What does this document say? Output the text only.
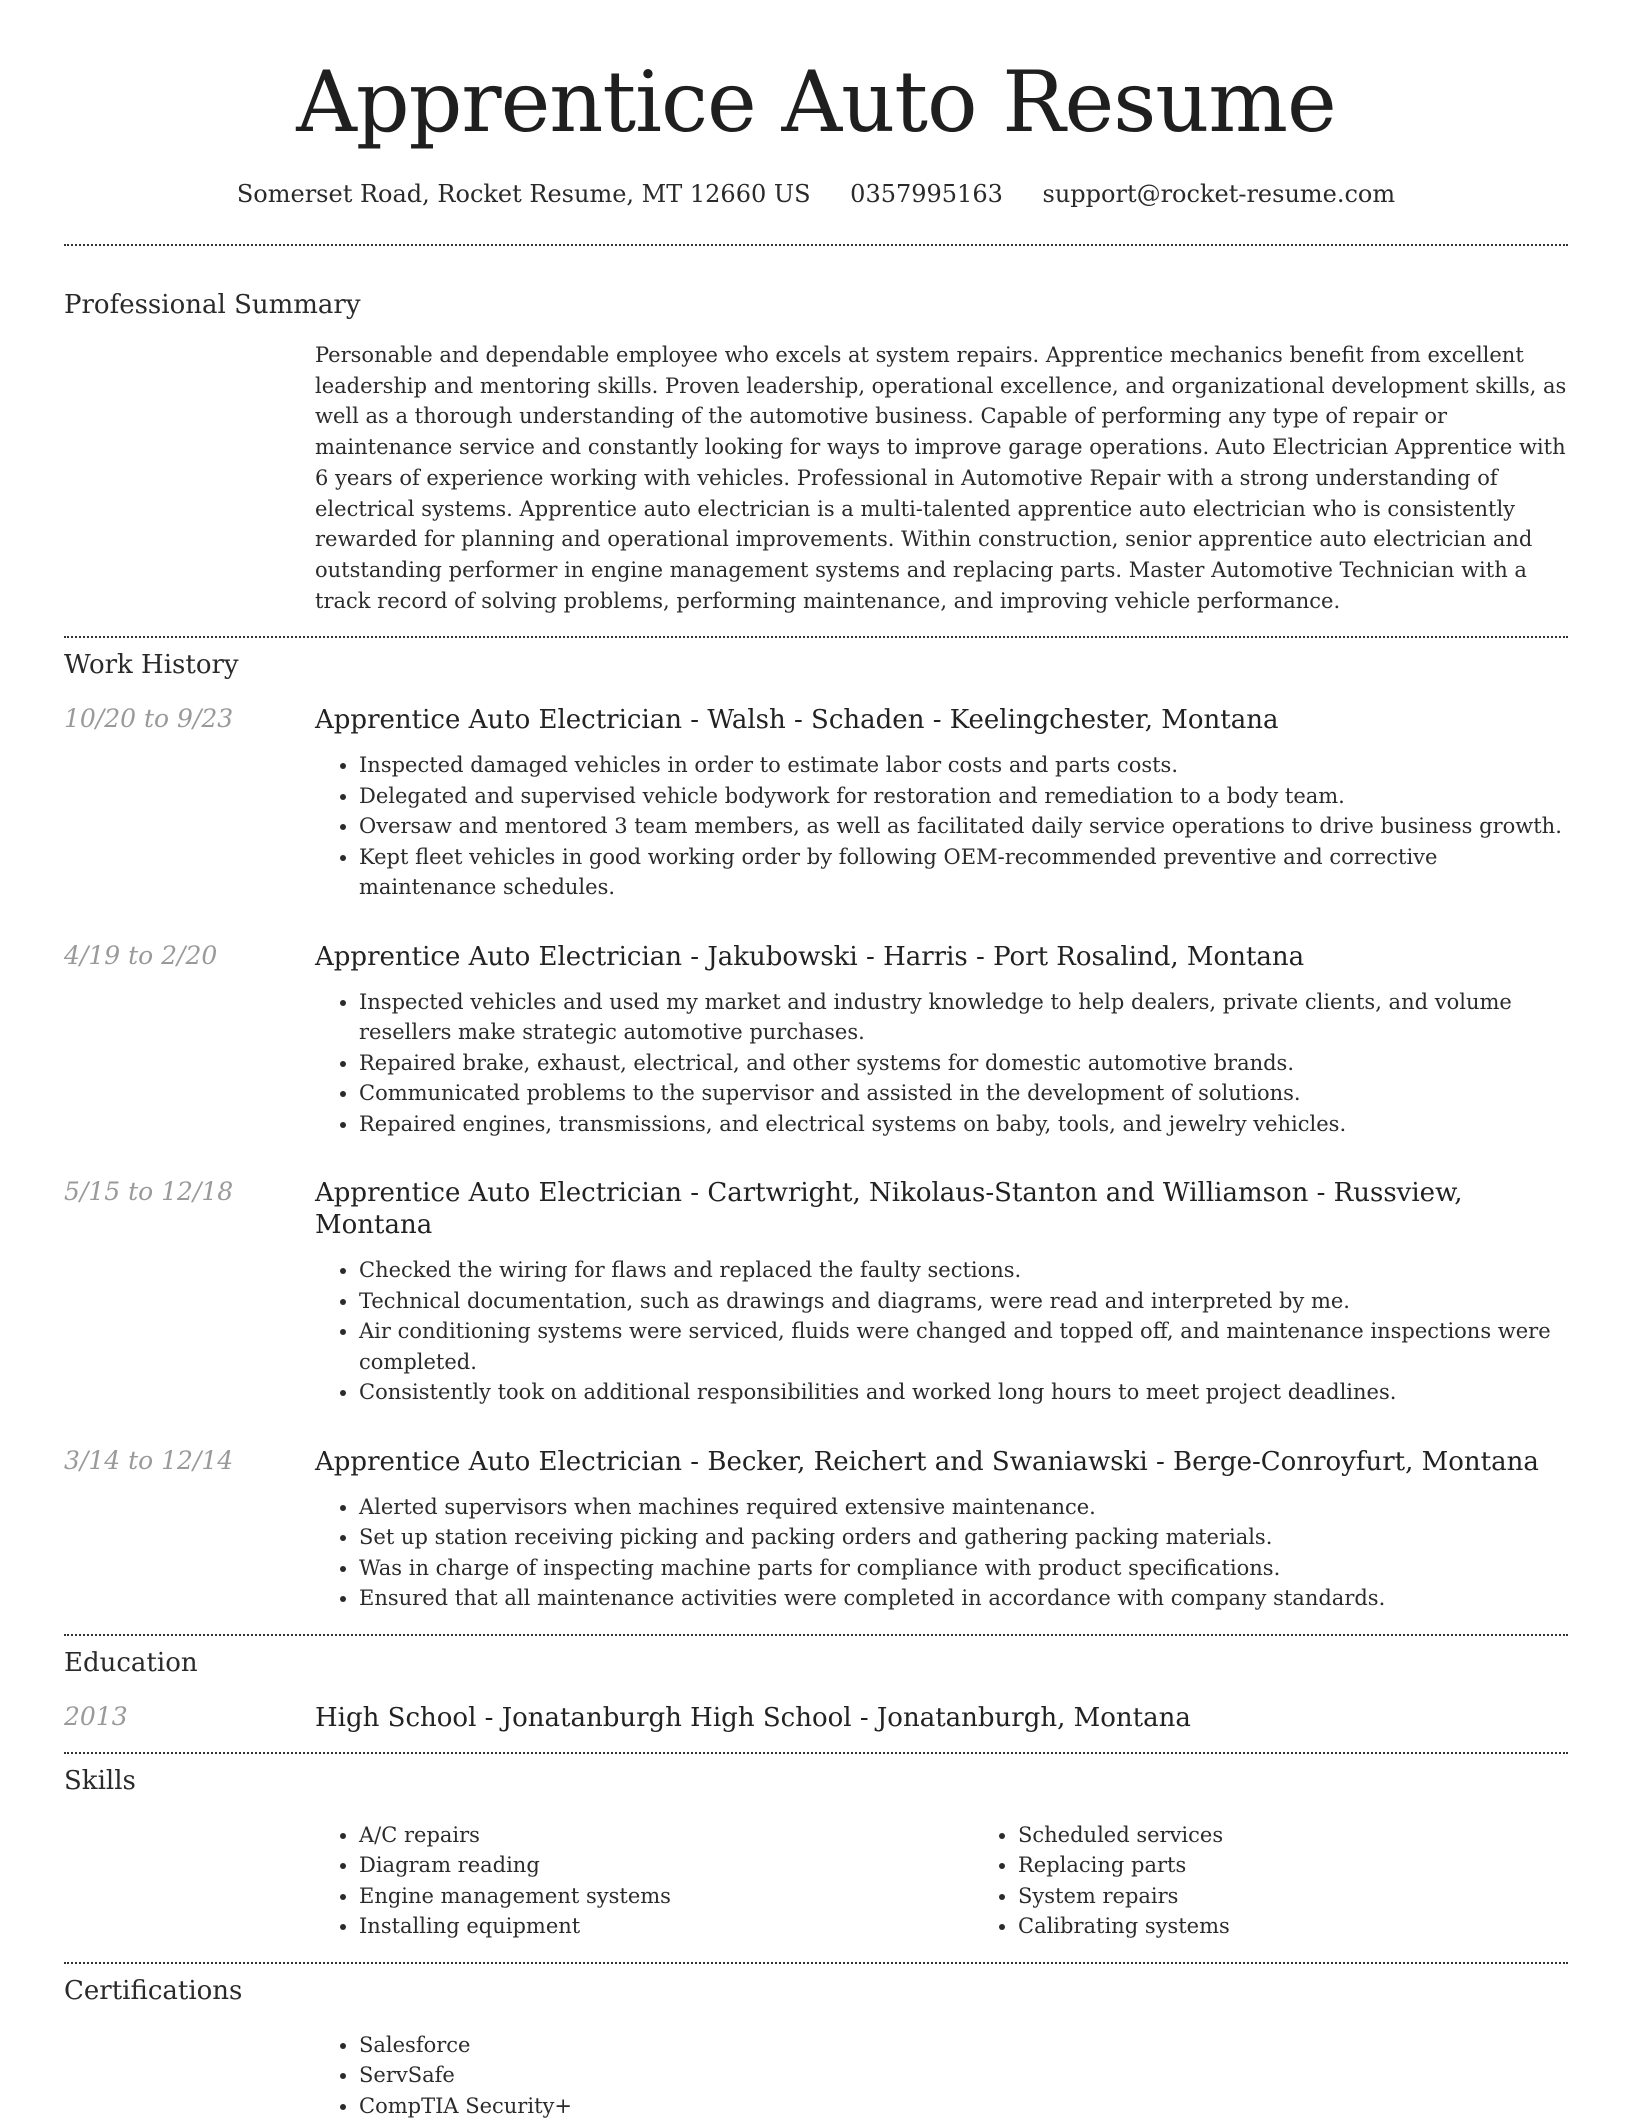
Apprentice Auto Resume
Somerset Road, Rocket Resume, MT 12660 US 0357995163 support@rocket-resume.com
Professional Summary
Personable and dependable employee who excels at system repairs. Apprentice mechanics benefit from excellent leadership and mentoring skills. Proven leadership, operational excellence, and organizational development skills, as well as a thorough understanding of the automotive business. Capable of performing any type of repair or maintenance service and constantly looking for ways to improve garage operations. Auto Electrician Apprentice with 6 years of experience working with vehicles. Professional in Automotive Repair with a strong understanding of electrical systems. Apprentice auto electrician is a multi-talented apprentice auto electrician who is consistently rewarded for planning and operational improvements. Within construction, senior apprentice auto electrician and outstanding performer in engine management systems and replacing parts. Master Automotive Technician with a track record of solving problems, performing maintenance, and improving vehicle performance.
Work History
10/20 to 9/23	Apprentice Auto Electrician - Walsh - Schaden - Keelingchester, Montana
• Inspected damaged vehicles in order to estimate labor costs and parts costs.
• Delegated and supervised vehicle bodywork for restoration and remediation to a body team.
• Oversaw and mentored 3 team members, as well as facilitated daily service operations to drive business growth.
• Kept fleet vehicles in good working order by following OEM-recommended preventive and corrective maintenance schedules.
4/19 to 2/20	Apprentice Auto Electrician - Jakubowski - Harris - Port Rosalind, Montana
• Inspected vehicles and used my market and industry knowledge to help dealers, private clients, and volume resellers make strategic automotive purchases.
• Repaired brake, exhaust, electrical, and other systems for domestic automotive brands.
• Communicated problems to the supervisor and assisted in the development of solutions.
• Repaired engines, transmissions, and electrical systems on baby, tools, and jewelry vehicles.
5/15 to 12/18	Apprentice Auto Electrician - Cartwright, Nikolaus-Stanton and Williamson - Russview, Montana
• Checked the wiring for flaws and replaced the faulty sections.
• Technical documentation, such as drawings and diagrams, were read and interpreted by me.
• Air conditioning systems were serviced, fluids were changed and topped off, and maintenance inspections were completed.
• Consistently took on additional responsibilities and worked long hours to meet project deadlines.
3/14 to 12/14	Apprentice Auto Electrician - Becker, Reichert and Swaniawski - Berge-Conroyfurt, Montana
• Alerted supervisors when machines required extensive maintenance.
• Set up station receiving picking and packing orders and gathering packing materials.
• Was in charge of inspecting machine parts for compliance with product specifications.
• Ensured that all maintenance activities were completed in accordance with company standards.
Education
2013	High School - Jonatanburgh High School - Jonatanburgh, Montana
Skills
• A/C repairs
• Diagram reading
• Engine management systems
• Installing equipment
• Scheduled services
• Replacing parts
• System repairs
• Calibrating systems
Certifications
• Salesforce
• ServSafe
• CompTIA Security+
